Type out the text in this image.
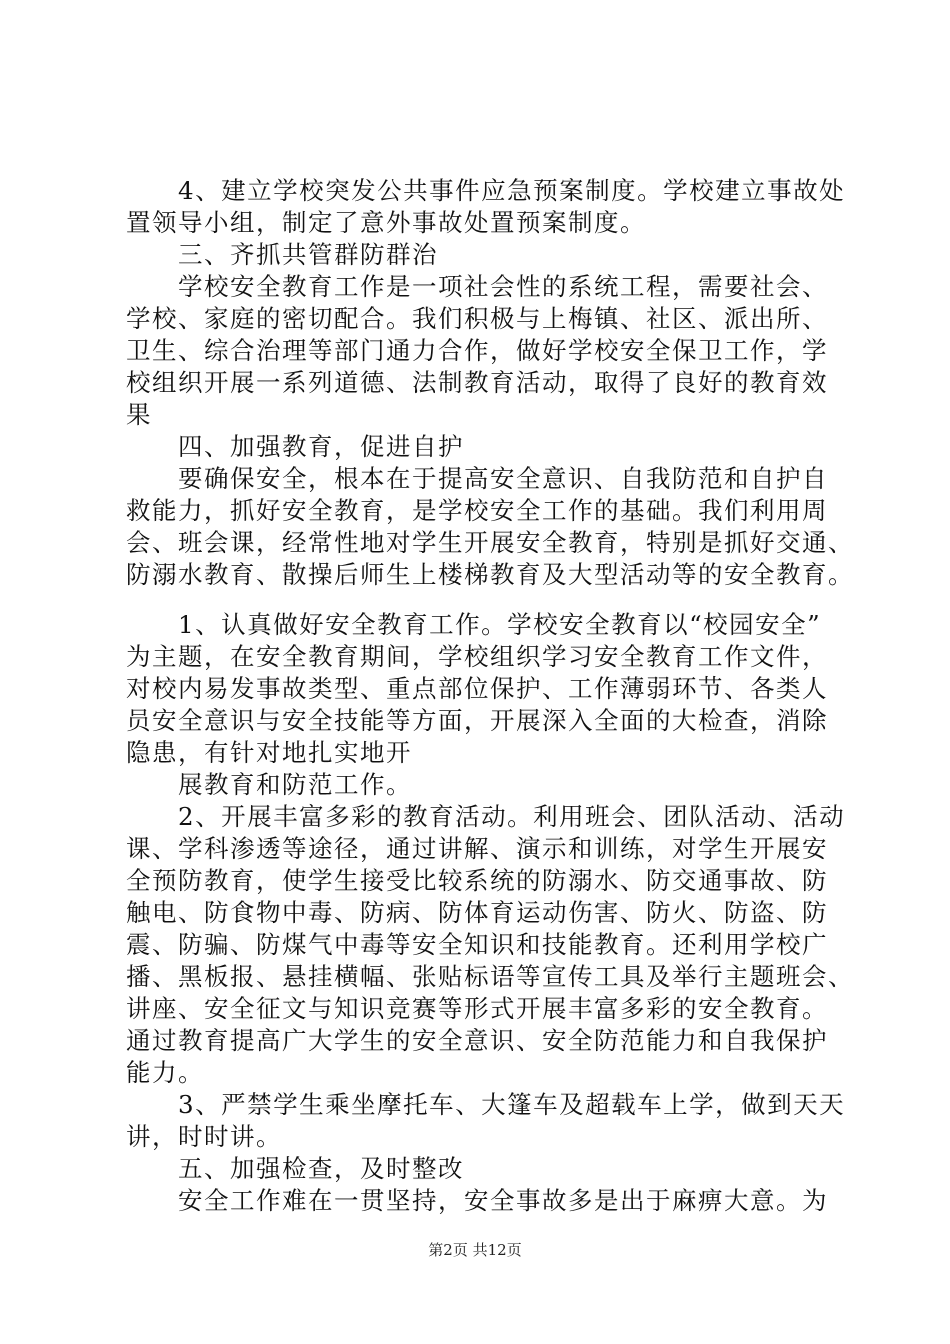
　　4、建立学校突发公共事件应急预案制度。学校建立事故处
置领导小组，制定了意外事故处置预案制度。
　　三、齐抓共管群防群治
　　学校安全教育工作是一项社会性的系统工程，需要社会、
学校、家庭的密切配合。我们积极与上梅镇、社区、派出所、
卫生、综合治理等部门通力合作，做好学校安全保卫工作，学
校组织开展一系列道德、法制教育活动，取得了良好的教育效
果
　　四、加强教育，促进自护
　　要确保安全，根本在于提高安全意识、自我防范和自护自
救能力，抓好安全教育，是学校安全工作的基础。我们利用周
会、班会课，经常性地对学生开展安全教育，特别是抓好交通、
防溺水教育、散操后师生上楼梯教育及大型活动等的安全教育。
　　1、认真做好安全教育工作。学校安全教育以“校园安全”
为主题，在安全教育期间，学校组织学习安全教育工作文件，
对校内易发事故类型、重点部位保护、工作薄弱环节、各类人
员安全意识与安全技能等方面，开展深入全面的大检查，消除
隐患，有针对地扎实地开
　　展教育和防范工作。
　　2、开展丰富多彩的教育活动。利用班会、团队活动、活动
课、学科渗透等途径，通过讲解、演示和训练，对学生开展安
全预防教育，使学生接受比较系统的防溺水、防交通事故、防
触电、防食物中毒、防病、防体育运动伤害、防火、防盗、防
震、防骗、防煤气中毒等安全知识和技能教育。还利用学校广
播、黑板报、悬挂横幅、张贴标语等宣传工具及举行主题班会、
讲座、安全征文与知识竞赛等形式开展丰富多彩的安全教育。
通过教育提高广大学生的安全意识、安全防范能力和自我保护
能力。
　　3、严禁学生乘坐摩托车、大篷车及超载车上学，做到天天
讲，时时讲。
　　五、加强检查，及时整改
　　安全工作难在一贯坚持，安全事故多是出于麻痹大意。为
第2页 共12页
